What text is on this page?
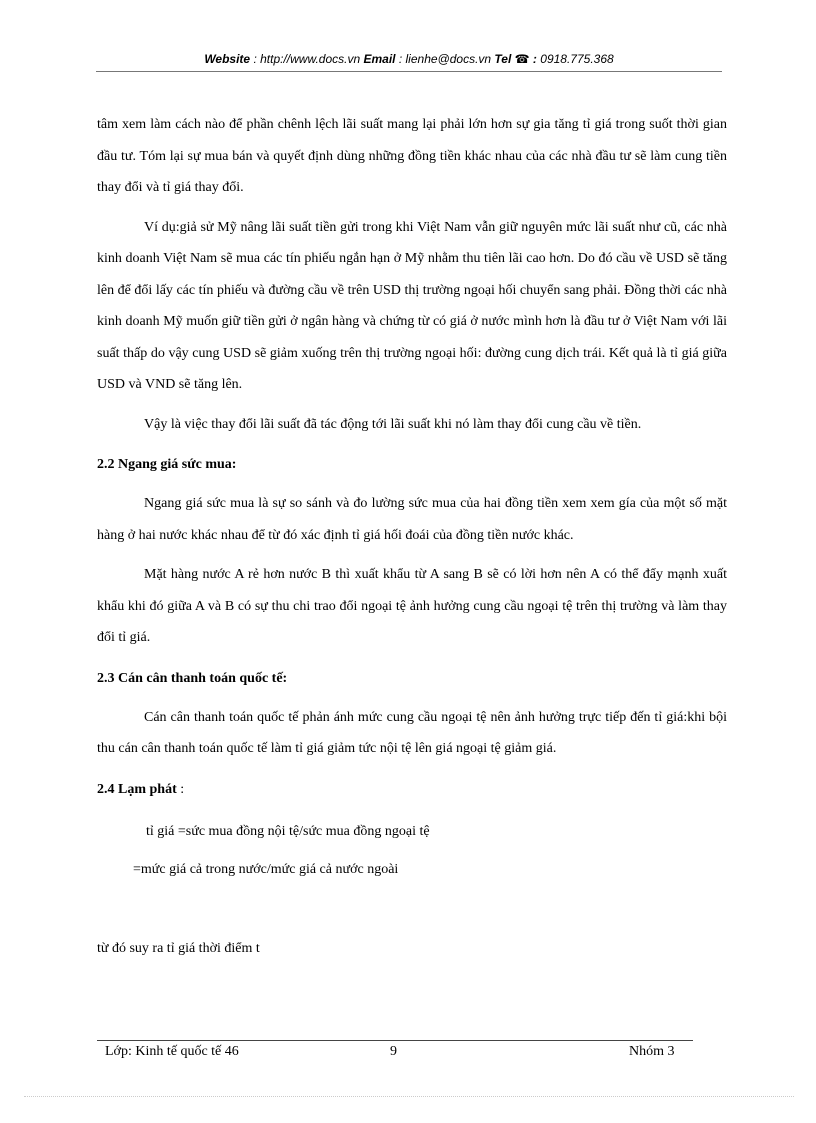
Website : http://www.docs.vn Email : lienhe@docs.vn Tel ☎ : 0918.775.368

tâm xem làm cách nào để phần chênh lệch lãi suất mang lại phải lớn hơn sự gia tăng tỉ giá trong suốt thời gian đầu tư. Tóm lại sự mua bán và quyết định dùng những đồng tiền khác nhau của các nhà đầu tư sẽ làm cung tiền thay đổi và tỉ giá thay đổi.

Ví dụ:giả sử Mỹ nâng lãi suất tiền gửi trong khi Việt Nam vẫn giữ nguyên mức lãi suất như cũ, các nhà kinh doanh Việt Nam sẽ mua các tín phiếu ngắn hạn ở Mỹ nhằm thu tiên lãi cao hơn. Do đó cầu về USD sẽ tăng lên để đổi lấy các tín phiếu và đường cầu về trên USD thị trường ngoại hối chuyển sang phải. Đồng thời các nhà kinh doanh Mỹ muốn giữ tiền gửi ở ngân hàng và chứng từ có giá ở nước mình hơn là đầu tư ở Việt Nam với lãi suất thấp do vậy cung USD sẽ giảm xuống trên thị trường ngoại hối: đường cung dịch trái. Kết quả là tỉ giá giữa USD và VND sẽ tăng lên.

Vậy là việc thay đổi lãi suất đã tác động tới lãi suất khi nó làm thay đổi cung cầu về tiền.

2.2 Ngang giá sức mua:

Ngang giá sức mua là sự so sánh và đo lường sức mua của hai đồng tiền xem xem gía của một số mặt hàng ở hai nước khác nhau để từ đó xác định tỉ giá hối đoái của đồng tiền nước khác.

Mặt hàng nước A rẻ hơn nước B thì xuất khẩu từ A sang B sẽ có lời hơn nên A có thể đẩy mạnh xuất khẩu khi đó giữa A và B có sự thu chi trao đổi ngoại tệ ảnh hưởng cung cầu ngoại tệ trên thị trường và làm thay đổi tỉ giá.

2.3 Cán cân thanh toán quốc tế:

Cán cân thanh toán quốc tế phản ánh mức cung cầu ngoại tệ nên ảnh hưởng trực tiếp đến tỉ giá:khi bội thu cán cân thanh toán quốc tế làm tỉ giá giảm tức nội tệ lên giá ngoại tệ giảm giá.

2.4 Lạm phát :

tỉ giá =sức mua đồng nội tệ/sức mua đồng ngoại tệ

=mức giá cả trong nước/mức giá cả nước ngoài

từ đó suy ra tỉ giá thời điểm t

Lớp: Kinh tế quốc tế 46	9	Nhóm 3
